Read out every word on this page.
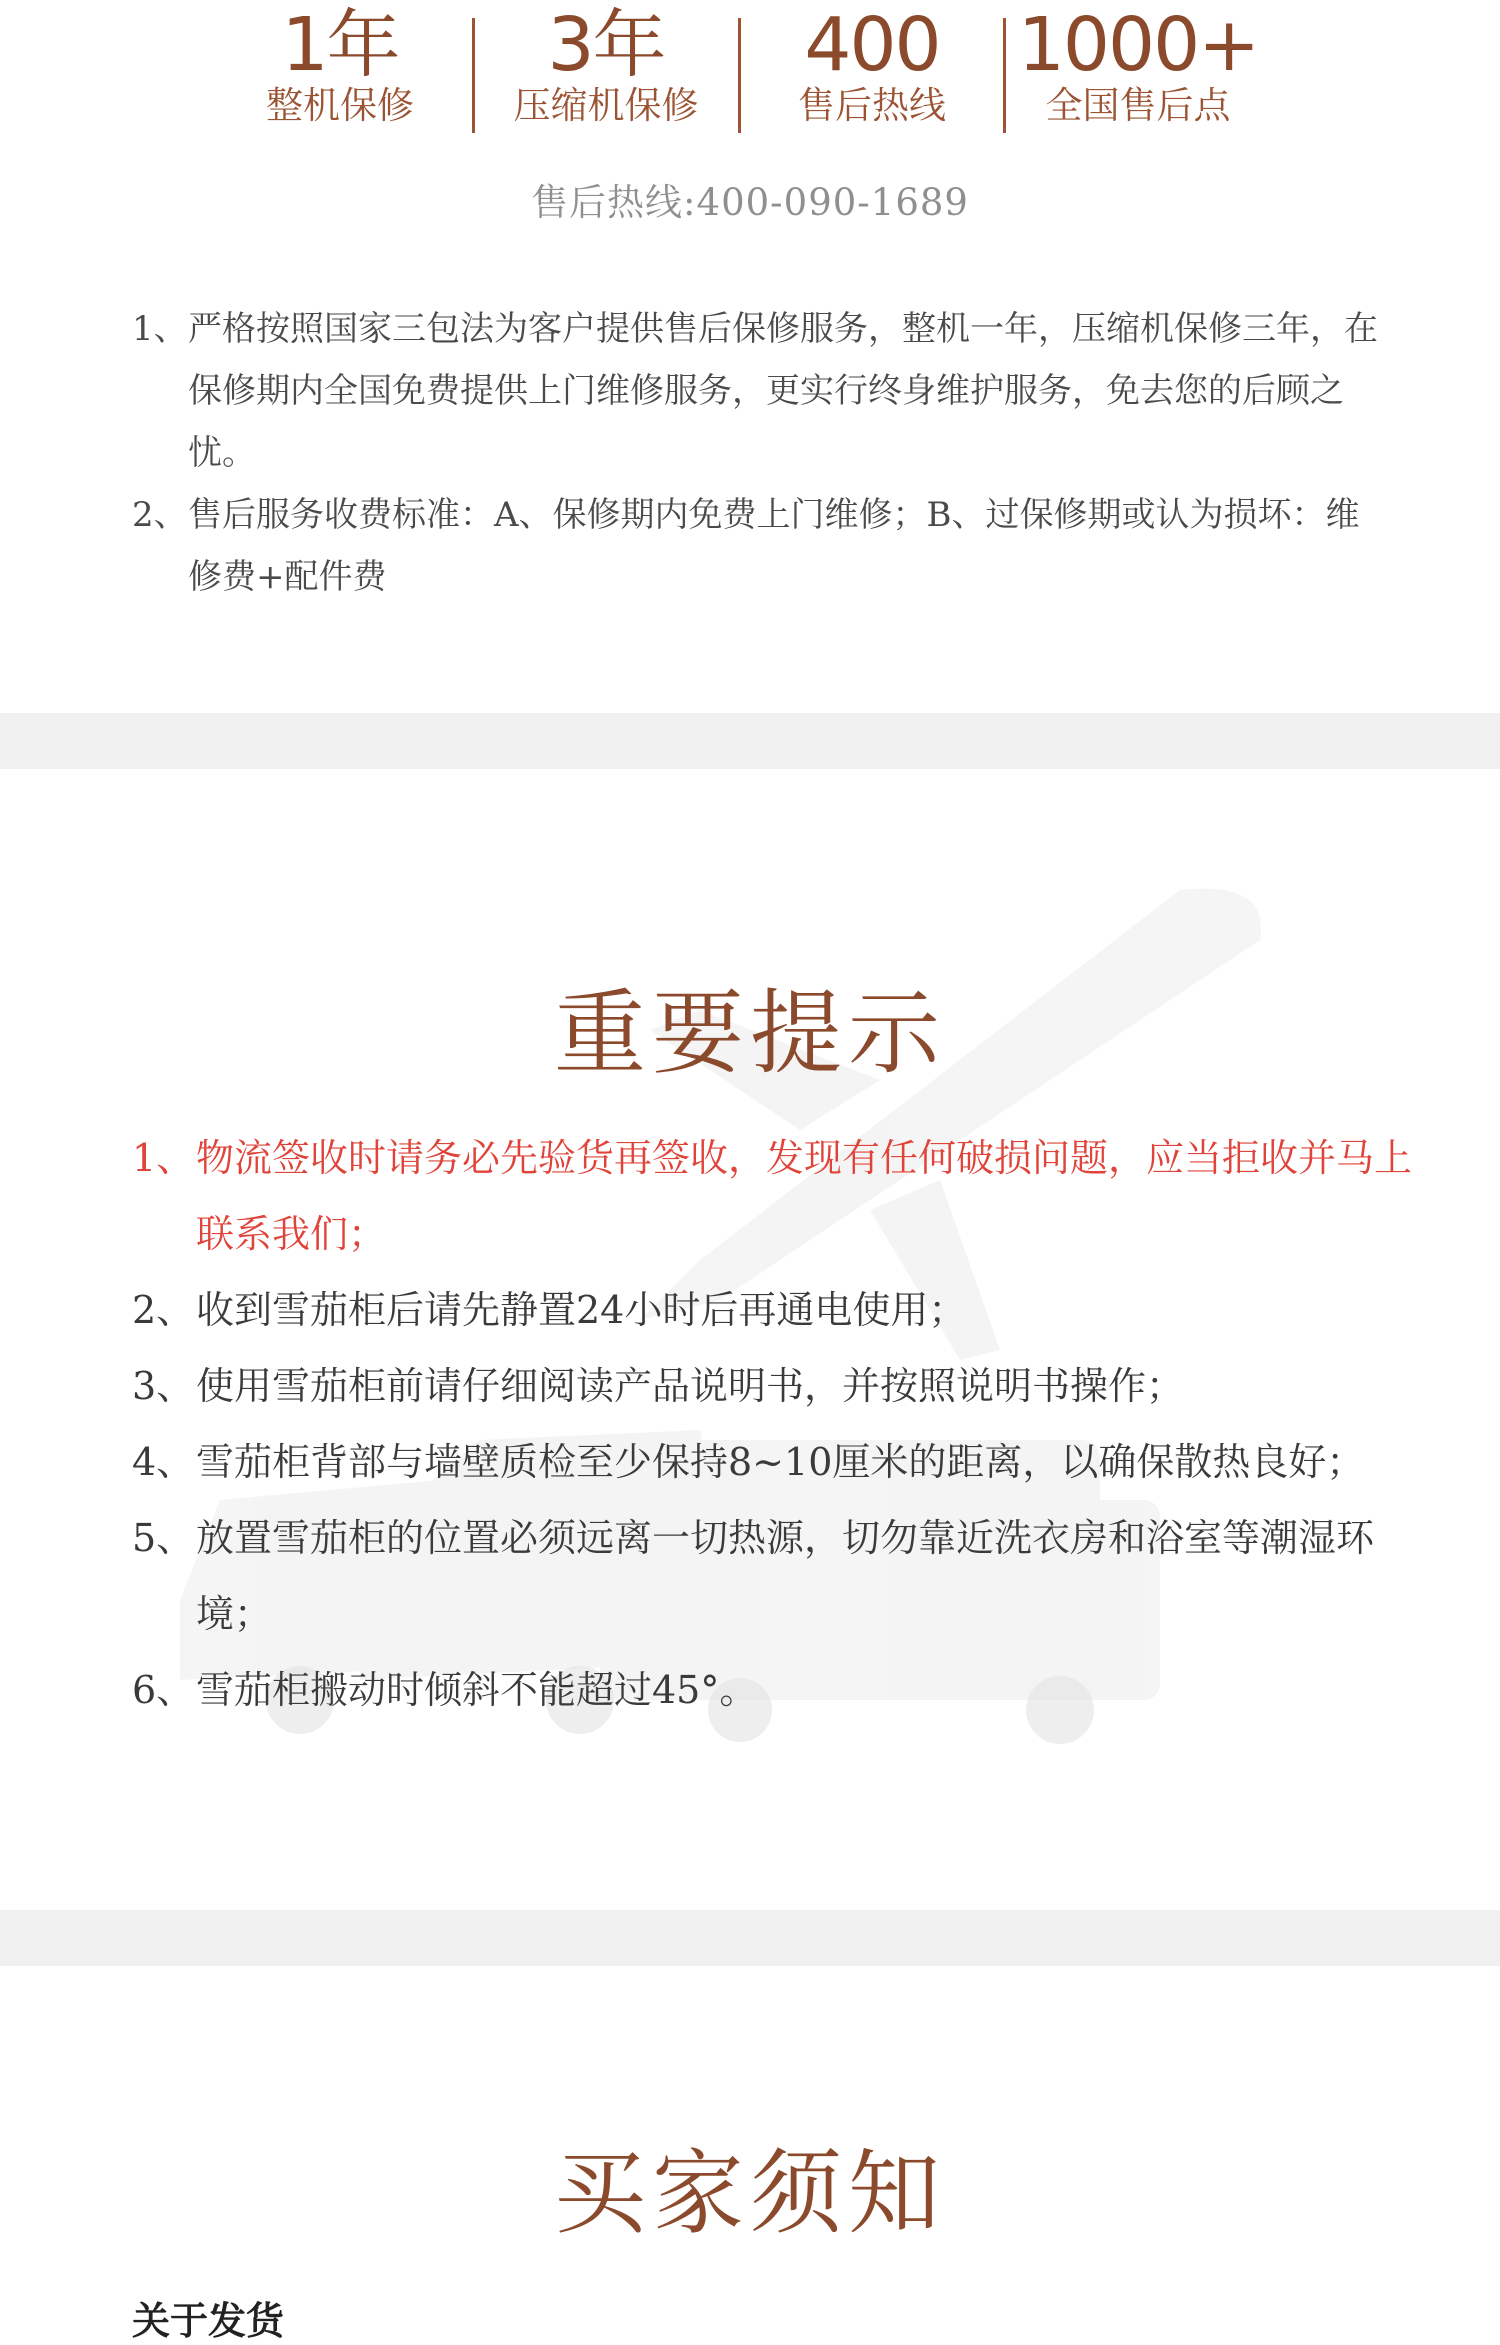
1年
整机保修
3年
压缩机保修
400
售后热线
1000+
全国售后点
售后热线:400-090-1689
1、 严格按照国家三包法为客户提供售后保修服务，整机一年，压缩机保修三年，在保修期内全国免费提供上门维修服务，更实行终身维护服务，免去您的后顾之忧。
2、 售后服务收费标准：A、保修期内免费上门维修；B、过保修期或认为损坏：维修费+配件费
重要提示
1、 物流签收时请务必先验货再签收，发现有任何破损问题，应当拒收并马上联系我们；
2、 收到雪茄柜后请先静置24小时后再通电使用；
3、 使用雪茄柜前请仔细阅读产品说明书，并按照说明书操作；
4、 雪茄柜背部与墙壁质检至少保持8~10厘米的距离，以确保散热良好；
5、 放置雪茄柜的位置必须远离一切热源，切勿靠近洗衣房和浴室等潮湿环境；
6、 雪茄柜搬动时倾斜不能超过45°。
买家须知
关于发货
